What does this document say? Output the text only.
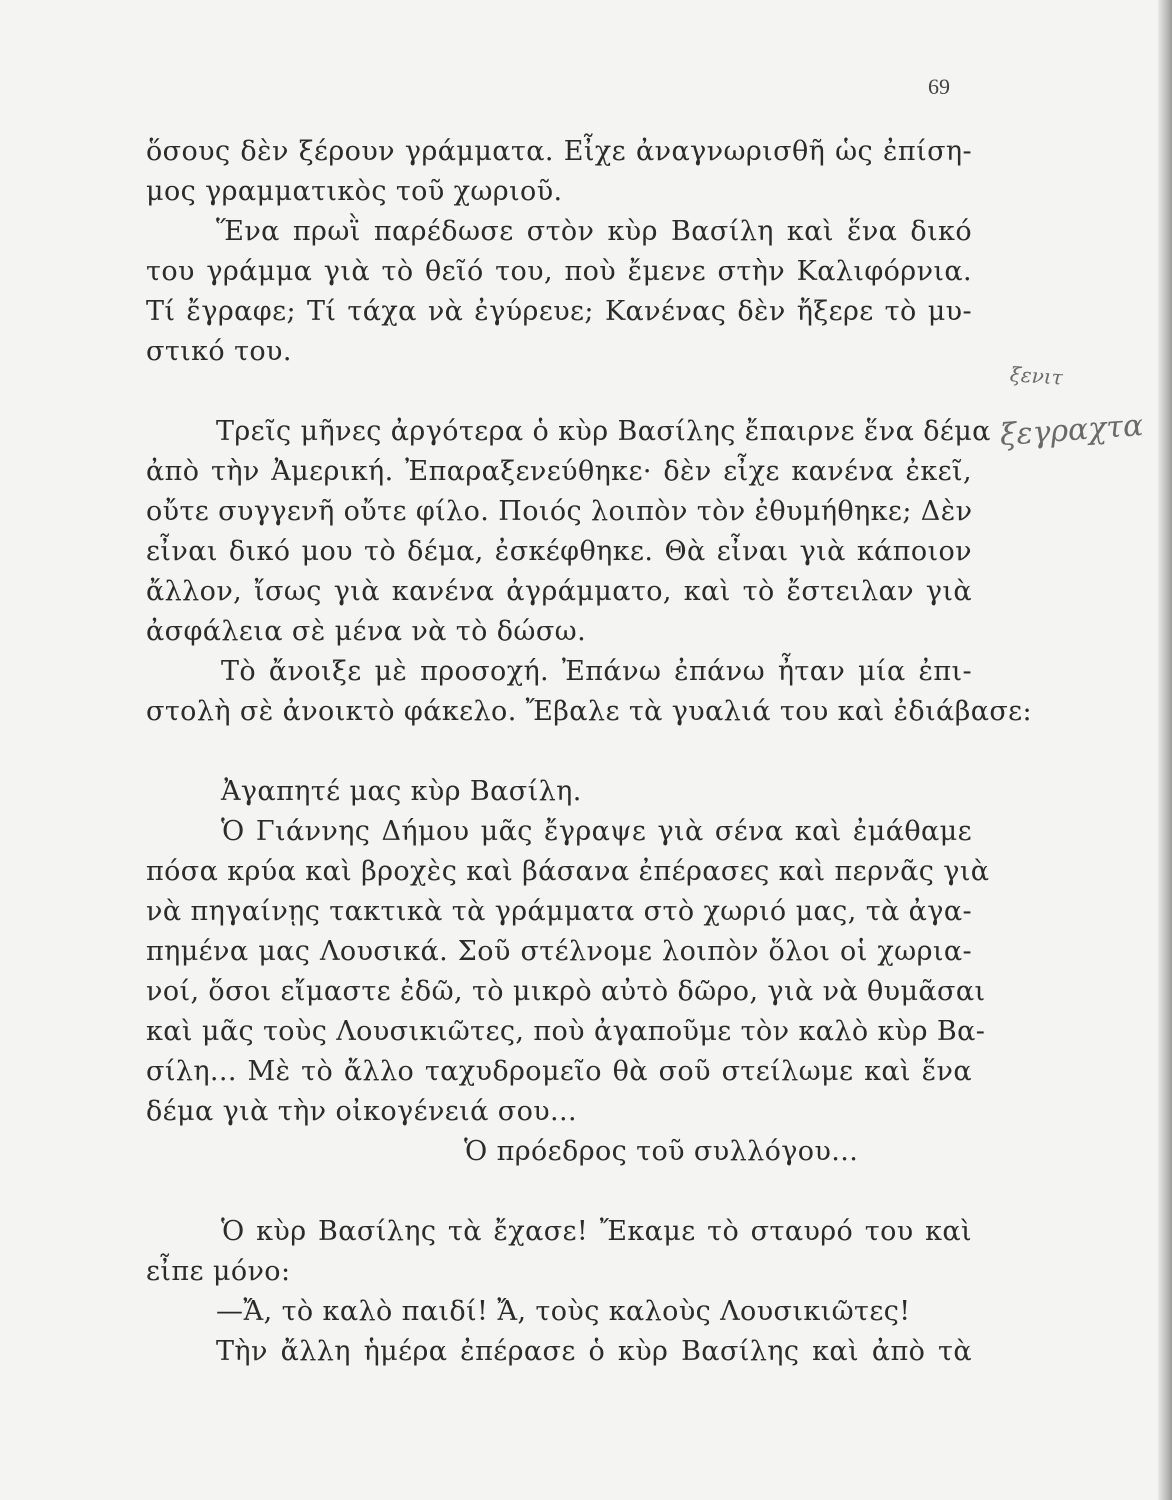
69
ὅσους δὲν ξέρουν γράμματα. Εἶχε ἀναγνωρισθῆ ὡς ἐπίση-
μος γραμματικὸς τοῦ χωριοῦ.
Ἕνα πρωῒ παρέδωσε στὸν κὺρ Βασίλη καὶ ἕνα δικό
του γράμμα γιὰ τὸ θεῖό του, ποὺ ἔμενε στὴν Καλιφόρνια.
Τί ἔγραφε; Τί τάχα νὰ ἐγύρευε; Κανένας δὲν ἤξερε τὸ μυ-
στικό του.
Τρεῖς μῆνες ἀργότερα ὁ κὺρ Βασίλης ἔπαιρνε ἕνα δέμα
ἀπὸ τὴν Ἀμερική. Ἐπαραξενεύθηκε· δὲν εἶχε κανένα ἐκεῖ,
οὔτε συγγενῆ οὔτε φίλο. Ποιός λοιπὸν τὸν ἐθυμήθηκε; Δὲν
εἶναι δικό μου τὸ δέμα, ἐσκέφθηκε. Θὰ εἶναι γιὰ κάποιον
ἄλλον, ἴσως γιὰ κανένα ἀγράμματο, καὶ τὸ ἔστειλαν γιὰ
ἀσφάλεια σὲ μένα νὰ τὸ δώσω.
Τὸ ἄνοιξε μὲ προσοχή. Ἐπάνω ἐπάνω ἦταν μία ἐπι-
στολὴ σὲ ἀνοικτὸ φάκελο. Ἔβαλε τὰ γυαλιά του καὶ ἐδιάβασε:
Ἀγαπητέ μας κὺρ Βασίλη.
Ὁ Γιάννης Δήμου μᾶς ἔγραψε γιὰ σένα καὶ ἐμάθαμε
πόσα κρύα καὶ βροχὲς καὶ βάσανα ἐπέρασες καὶ περνᾶς γιὰ
νὰ πηγαίνῃς τακτικὰ τὰ γράμματα στὸ χωριό μας, τὰ ἀγα-
πημένα μας Λουσικά. Σοῦ στέλνομε λοιπὸν ὅλοι οἱ χωρια-
νοί, ὅσοι εἴμαστε ἐδῶ, τὸ μικρὸ αὐτὸ δῶρο, γιὰ νὰ θυμᾶσαι
καὶ μᾶς τοὺς Λουσικιῶτες, ποὺ ἀγαποῦμε τὸν καλὸ κὺρ Βα-
σίλη... Μὲ τὸ ἄλλο ταχυδρομεῖο θὰ σοῦ στείλωμε καὶ ἕνα
δέμα γιὰ τὴν οἰκογένειά σου...
Ὁ πρόεδρος τοῦ συλλόγου...
Ὁ κὺρ Βασίλης τὰ ἔχασε! Ἔκαμε τὸ σταυρό του καὶ
εἶπε μόνο:
—Ἄ, τὸ καλὸ παιδί! Ἄ, τοὺς καλοὺς Λουσικιῶτες!
Τὴν ἄλλη ἡμέρα ἐπέρασε ὁ κὺρ Βασίλης καὶ ἀπὸ τὰ
ξενιτ
ξεγραχτα
